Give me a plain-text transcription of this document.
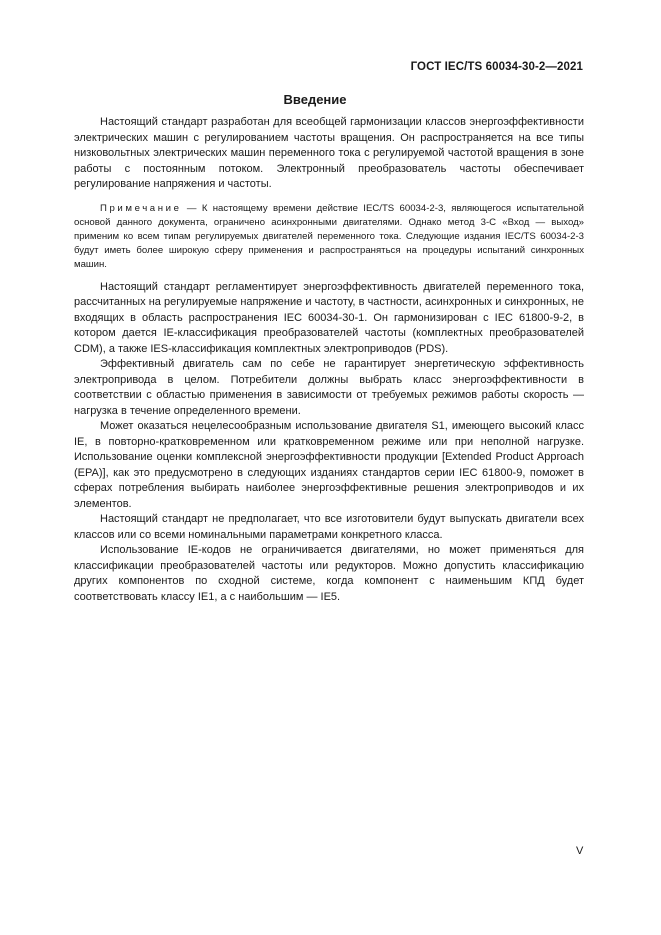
ГОСТ IEC/TS 60034-30-2—2021
Введение

Настоящий стандарт разработан для всеобщей гармонизации классов энергоэффективности электрических машин с регулированием частоты вращения. Он распространяется на все типы низковольтных электрических машин переменного тока с регулируемой частотой вращения в зоне работы с постоянным потоком. Электронный преобразователь частоты обеспечивает регулирование напряжения и частоты.

Примечание — К настоящему времени действие IEC/TS 60034-2-3, являющегося испытательной основой данного документа, ограничено асинхронными двигателями. Однако метод 3-С «Вход — выход» применим ко всем типам регулируемых двигателей переменного тока. Следующие издания IEC/TS 60034-2-3 будут иметь более широкую сферу применения и распространяться на процедуры испытаний синхронных машин.

Настоящий стандарт регламентирует энергоэффективность двигателей переменного тока, рассчитанных на регулируемые напряжение и частоту, в частности, асинхронных и синхронных, не входящих в область распространения IEC 60034-30-1. Он гармонизирован с IEC 61800-9-2, в котором дается IE-классификация преобразователей частоты (комплектных преобразователей CDM), а также IES-классификация комплектных электроприводов (PDS).

Эффективный двигатель сам по себе не гарантирует энергетическую эффективность электропривода в целом. Потребители должны выбрать класс энергоэффективности в соответствии с областью применения в зависимости от требуемых режимов работы скорость — нагрузка в течение определенного времени.

Может оказаться нецелесообразным использование двигателя S1, имеющего высокий класс IE, в повторно-кратковременном или кратковременном режиме или при неполной нагрузке. Использование оценки комплексной энергоэффективности продукции [Extended Product Approach (EPA)], как это предусмотрено в следующих изданиях стандартов серии IEC 61800-9, поможет в сферах потребления выбирать наиболее энергоэффективные решения электроприводов и их элементов.

Настоящий стандарт не предполагает, что все изготовители будут выпускать двигатели всех классов или со всеми номинальными параметрами конкретного класса.

Использование IE-кодов не ограничивается двигателями, но может применяться для классификации преобразователей частоты или редукторов. Можно допустить классификацию других компонентов по сходной системе, когда компонент с наименьшим КПД будет соответствовать классу IE1, а с наибольшим — IE5.

V
